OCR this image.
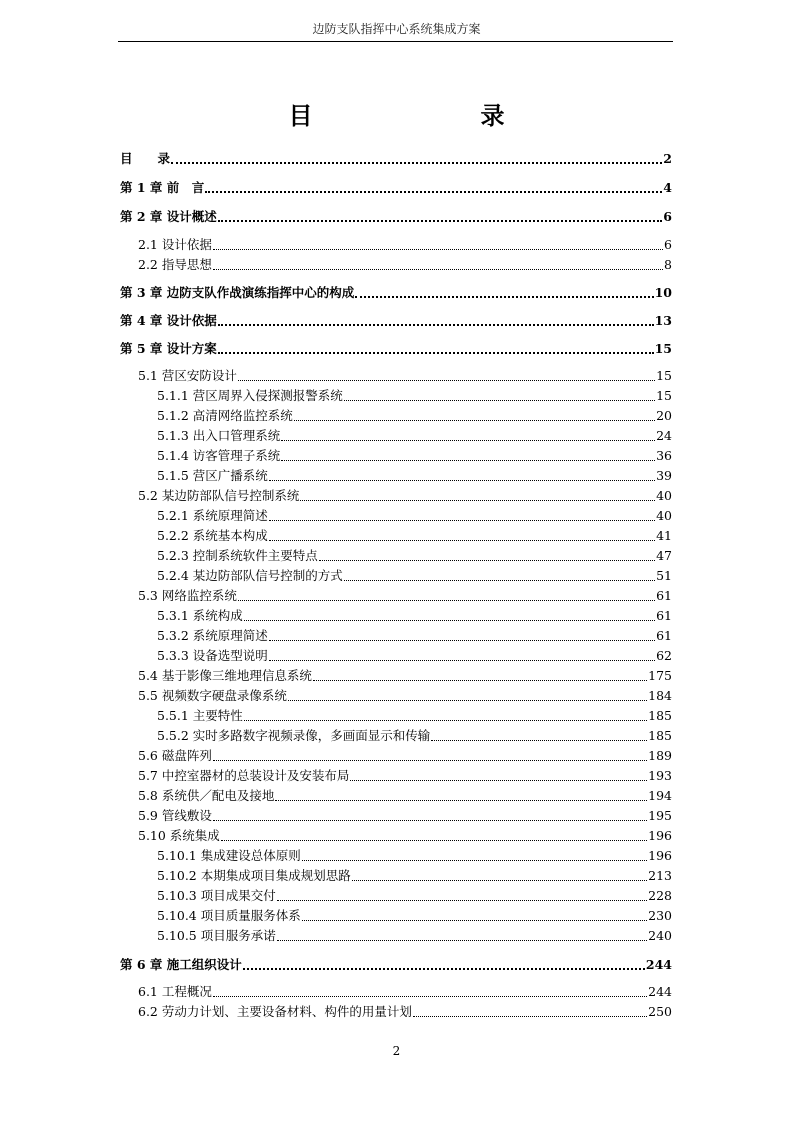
边防支队指挥中心系统集成方案
目　　录
目　　录	2
第 1 章 前　言	4
第 2 章 设计概述	6
2.1 设计依据	6
2.2 指导思想	8
第 3 章 边防支队作战演练指挥中心的构成	10
第 4 章 设计依据	13
第 5 章 设计方案	15
5.1 营区安防设计	15
5.1.1 营区周界入侵探测报警系统	15
5.1.2 高清网络监控系统	20
5.1.3 出入口管理系统	24
5.1.4 访客管理子系统	36
5.1.5 营区广播系统	39
5.2 某边防部队信号控制系统	40
5.2.1 系统原理简述	40
5.2.2 系统基本构成	41
5.2.3 控制系统软件主要特点	47
5.2.4 某边防部队信号控制的方式	51
5.3 网络监控系统	61
5.3.1 系统构成	61
5.3.2 系统原理简述	61
5.3.3 设备选型说明	62
5.4 基于影像三维地理信息系统	175
5.5 视频数字硬盘录像系统	184
5.5.1 主要特性	185
5.5.2 实时多路数字视频录像，多画面显示和传输	185
5.6 磁盘阵列	189
5.7 中控室器材的总装设计及安装布局	193
5.8 系统供／配电及接地	194
5.9 管线敷设	195
5.10 系统集成	196
5.10.1 集成建设总体原则	196
5.10.2 本期集成项目集成规划思路	213
5.10.3 项目成果交付	228
5.10.4 项目质量服务体系	230
5.10.5 项目服务承诺	240
第 6 章 施工组织设计	244
6.1 工程概况	244
6.2 劳动力计划、主要设备材料、构件的用量计划	250
2
